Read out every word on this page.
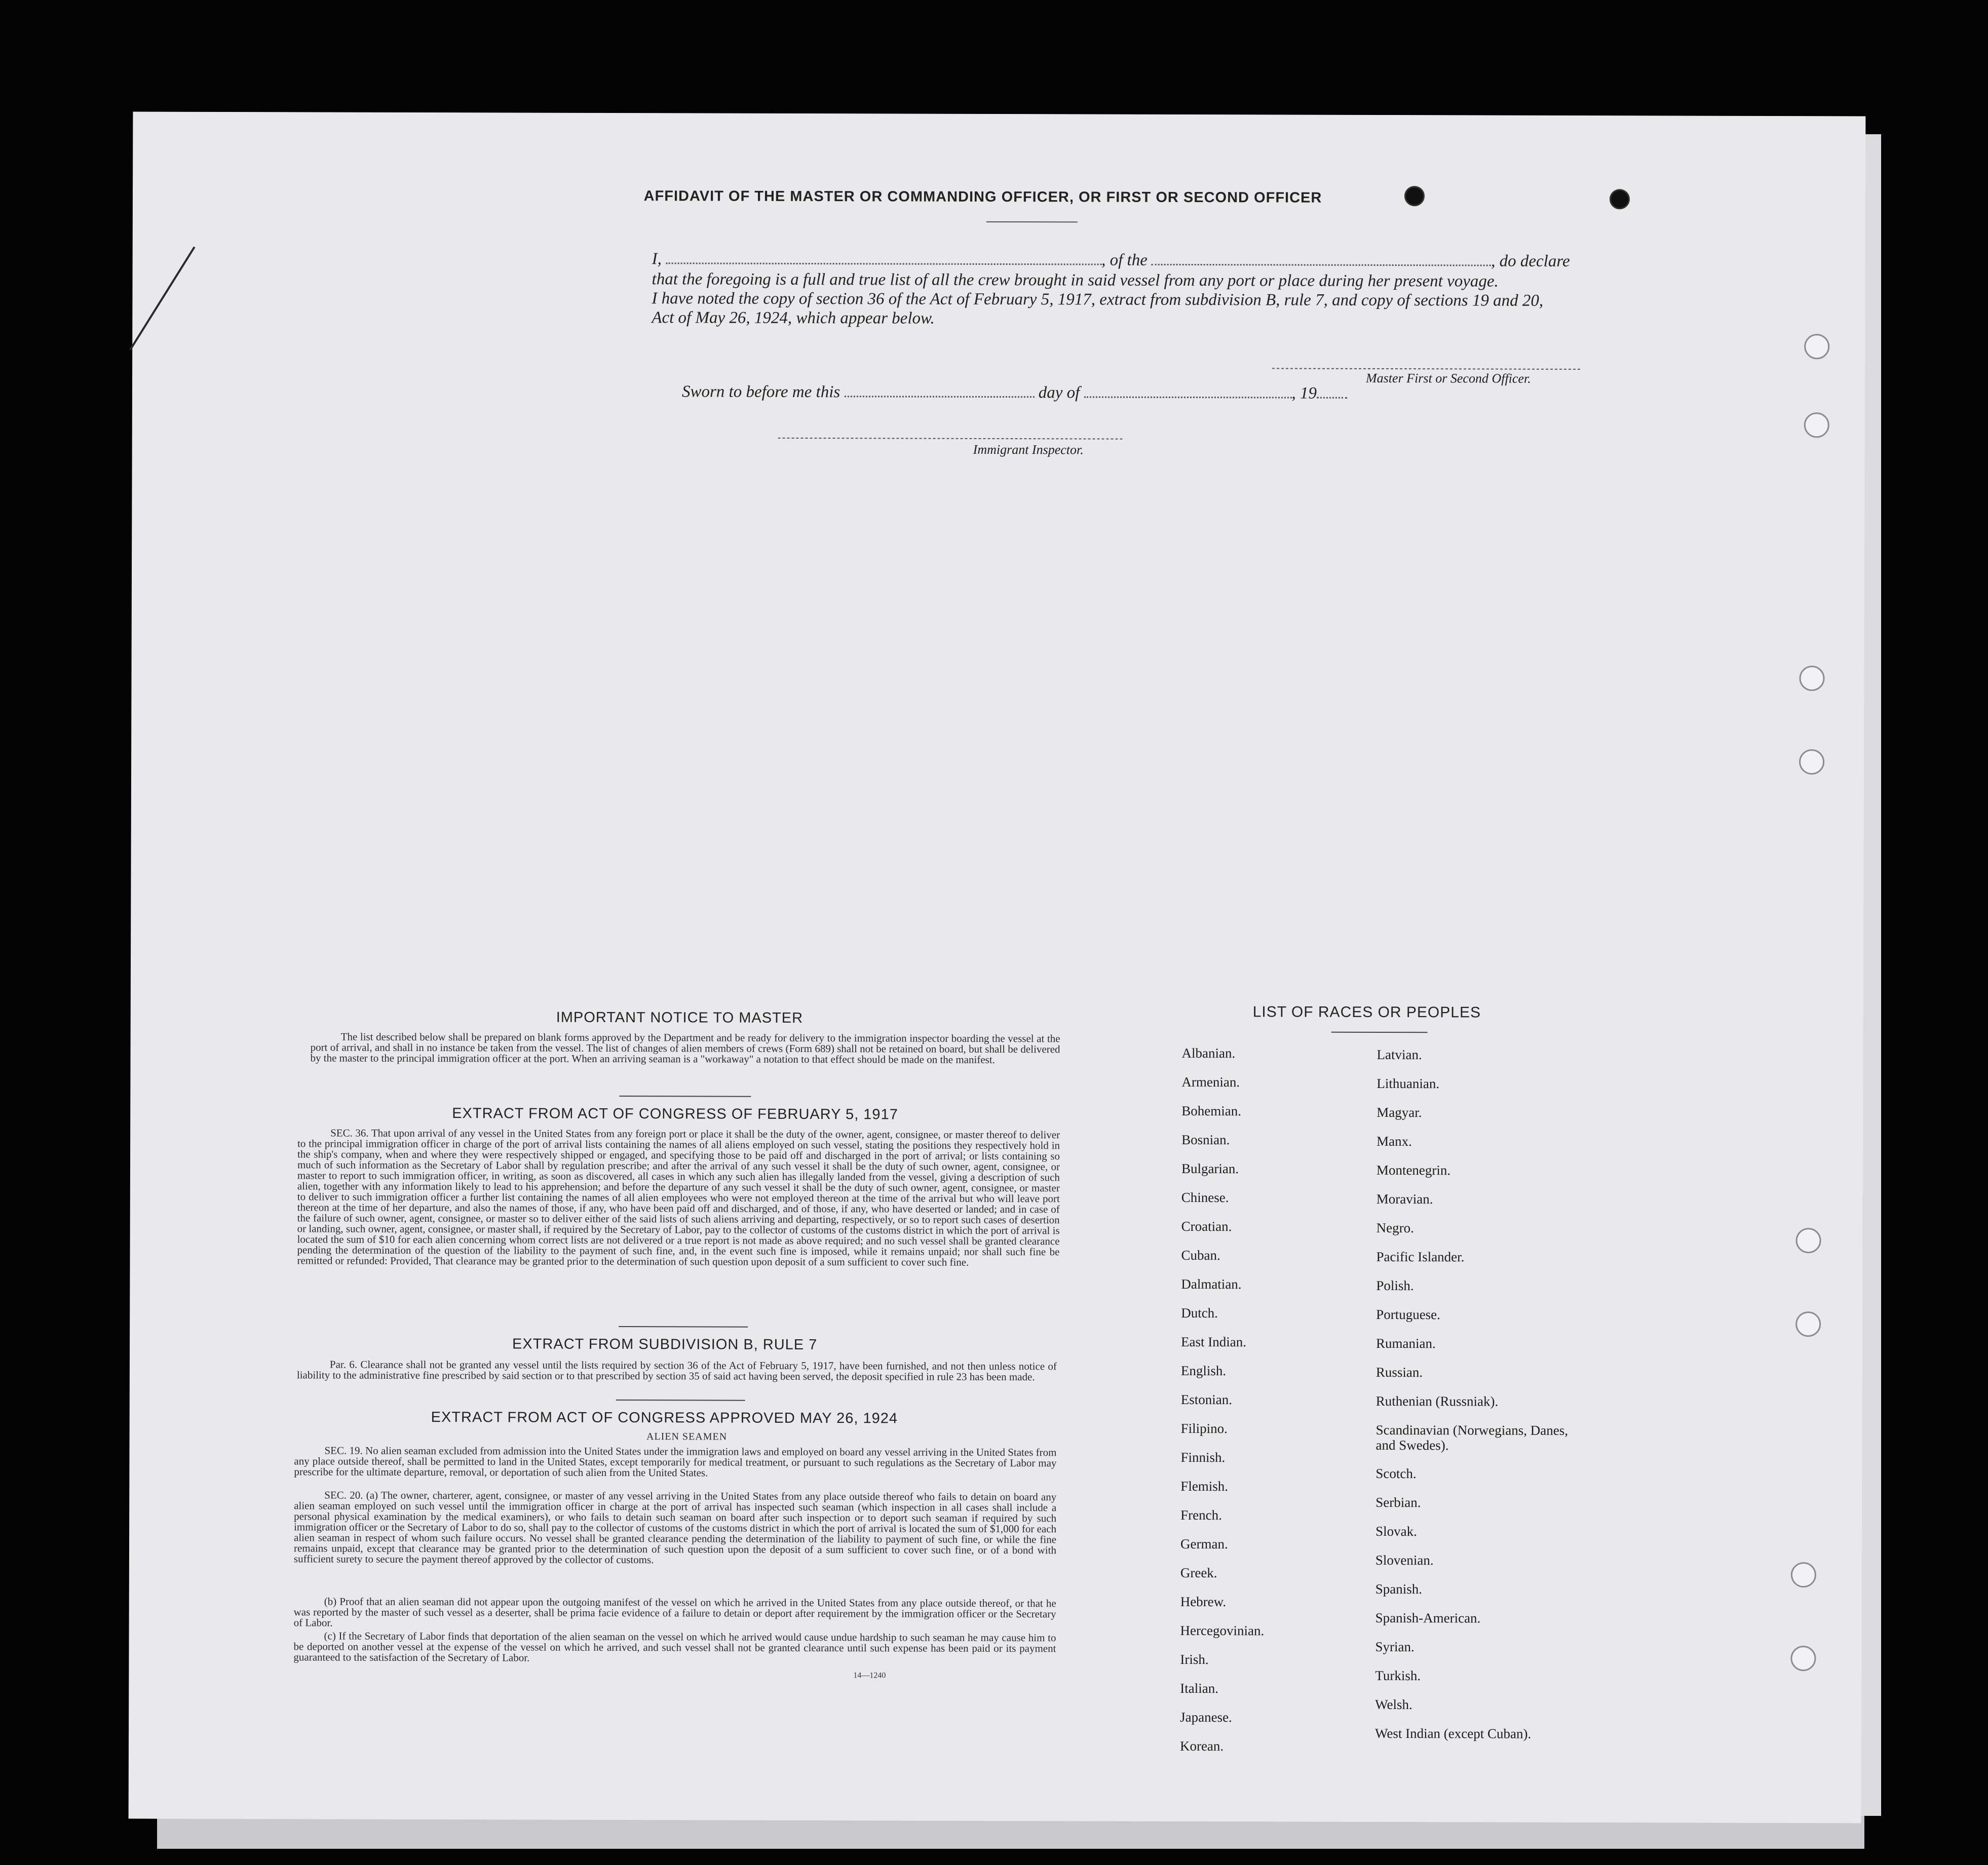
AFFIDAVIT OF THE MASTER OR COMMANDING OFFICER, OR FIRST OR SECOND OFFICER
I,	, of the	, do declare
that the foregoing is a full and true list of all the crew brought in said vessel from any port or place during her present voyage.
I have noted the copy of section 36 of the Act of February 5, 1917, extract from subdivision B, rule 7, and copy of sections 19 and 20,
Act of May 26, 1924, which appear below.
Master First or Second Officer.
Sworn to before me this	day of	, 19
Immigrant Inspector.
IMPORTANT NOTICE TO MASTER
The list described below shall be prepared on blank forms approved by the Department and be ready for delivery to the immigration inspector boarding the vessel at the port of arrival, and shall in no instance be taken from the vessel. The list of changes of alien members of crews (Form 689) shall not be retained on board, but shall be delivered by the master to the principal immigration officer at the port. When an arriving seaman is a "workaway" a notation to that effect should be made on the manifest.
EXTRACT FROM ACT OF CONGRESS OF FEBRUARY 5, 1917
SEC. 36. That upon arrival of any vessel in the United States from any foreign port or place it shall be the duty of the owner, agent, consignee, or master thereof to deliver to the principal immigration officer in charge of the port of arrival lists containing the names of all aliens employed on such vessel, stating the positions they respectively hold in the ship's company, when and where they were respectively shipped or engaged, and specifying those to be paid off and discharged in the port of arrival; or lists containing so much of such information as the Secretary of Labor shall by regulation prescribe; and after the arrival of any such vessel it shall be the duty of such owner, agent, consignee, or master to report to such immigration officer, in writing, as soon as discovered, all cases in which any such alien has illegally landed from the vessel, giving a description of such alien, together with any information likely to lead to his apprehension; and before the departure of any such vessel it shall be the duty of such owner, agent, consignee, or master to deliver to such immigration officer a further list containing the names of all alien employees who were not employed thereon at the time of the arrival but who will leave port thereon at the time of her departure, and also the names of those, if any, who have been paid off and discharged, and of those, if any, who have deserted or landed; and in case of the failure of such owner, agent, consignee, or master so to deliver either of the said lists of such aliens arriving and departing, respectively, or so to report such cases of desertion or landing, such owner, agent, consignee, or master shall, if required by the Secretary of Labor, pay to the collector of customs of the customs district in which the port of arrival is located the sum of $10 for each alien concerning whom correct lists are not delivered or a true report is not made as above required; and no such vessel shall be granted clearance pending the determination of the question of the liability to the payment of such fine, and, in the event such fine is imposed, while it remains unpaid; nor shall such fine be remitted or refunded: Provided, That clearance may be granted prior to the determination of such question upon deposit of a sum sufficient to cover such fine.
EXTRACT FROM SUBDIVISION B, RULE 7
Par. 6. Clearance shall not be granted any vessel until the lists required by section 36 of the Act of February 5, 1917, have been furnished, and not then unless notice of liability to the administrative fine prescribed by said section or to that prescribed by section 35 of said act having been served, the deposit specified in rule 23 has been made.
EXTRACT FROM ACT OF CONGRESS APPROVED MAY 26, 1924
ALIEN SEAMEN
SEC. 19. No alien seaman excluded from admission into the United States under the immigration laws and employed on board any vessel arriving in the United States from any place outside thereof, shall be permitted to land in the United States, except temporarily for medical treatment, or pursuant to such regulations as the Secretary of Labor may prescribe for the ultimate departure, removal, or deportation of such alien from the United States.
SEC. 20. (a) The owner, charterer, agent, consignee, or master of any vessel arriving in the United States from any place outside thereof who fails to detain on board any alien seaman employed on such vessel until the immigration officer in charge at the port of arrival has inspected such seaman (which inspection in all cases shall include a personal physical examination by the medical examiners), or who fails to detain such seaman on board after such inspection or to deport such seaman if required by such immigration officer or the Secretary of Labor to do so, shall pay to the collector of customs of the customs district in which the port of arrival is located the sum of $1,000 for each alien seaman in respect of whom such failure occurs. No vessel shall be granted clearance pending the determination of the liability to payment of such fine, or while the fine remains unpaid, except that clearance may be granted prior to the determination of such question upon the deposit of a sum sufficient to cover such fine, or of a bond with sufficient surety to secure the payment thereof approved by the collector of customs.
(b) Proof that an alien seaman did not appear upon the outgoing manifest of the vessel on which he arrived in the United States from any place outside thereof, or that he was reported by the master of such vessel as a deserter, shall be prima facie evidence of a failure to detain or deport after requirement by the immigration officer or the Secretary of Labor.
(c) If the Secretary of Labor finds that deportation of the alien seaman on the vessel on which he arrived would cause undue hardship to such seaman he may cause him to be deported on another vessel at the expense of the vessel on which he arrived, and such vessel shall not be granted clearance until such expense has been paid or its payment guaranteed to the satisfaction of the Secretary of Labor.
14—1240
LIST OF RACES OR PEOPLES
Albanian.
Armenian.
Bohemian.
Bosnian.
Bulgarian.
Chinese.
Croatian.
Cuban.
Dalmatian.
Dutch.
East Indian.
English.
Estonian.
Filipino.
Finnish.
Flemish.
French.
German.
Greek.
Hebrew.
Hercegovinian.
Irish.
Italian.
Japanese.
Korean.
Latvian.
Lithuanian.
Magyar.
Manx.
Montenegrin.
Moravian.
Negro.
Pacific Islander.
Polish.
Portuguese.
Rumanian.
Russian.
Ruthenian (Russniak).
Scandinavian (Norwegians, Danes, and Swedes).
Scotch.
Serbian.
Slovak.
Slovenian.
Spanish.
Spanish-American.
Syrian.
Turkish.
Welsh.
West Indian (except Cuban).
